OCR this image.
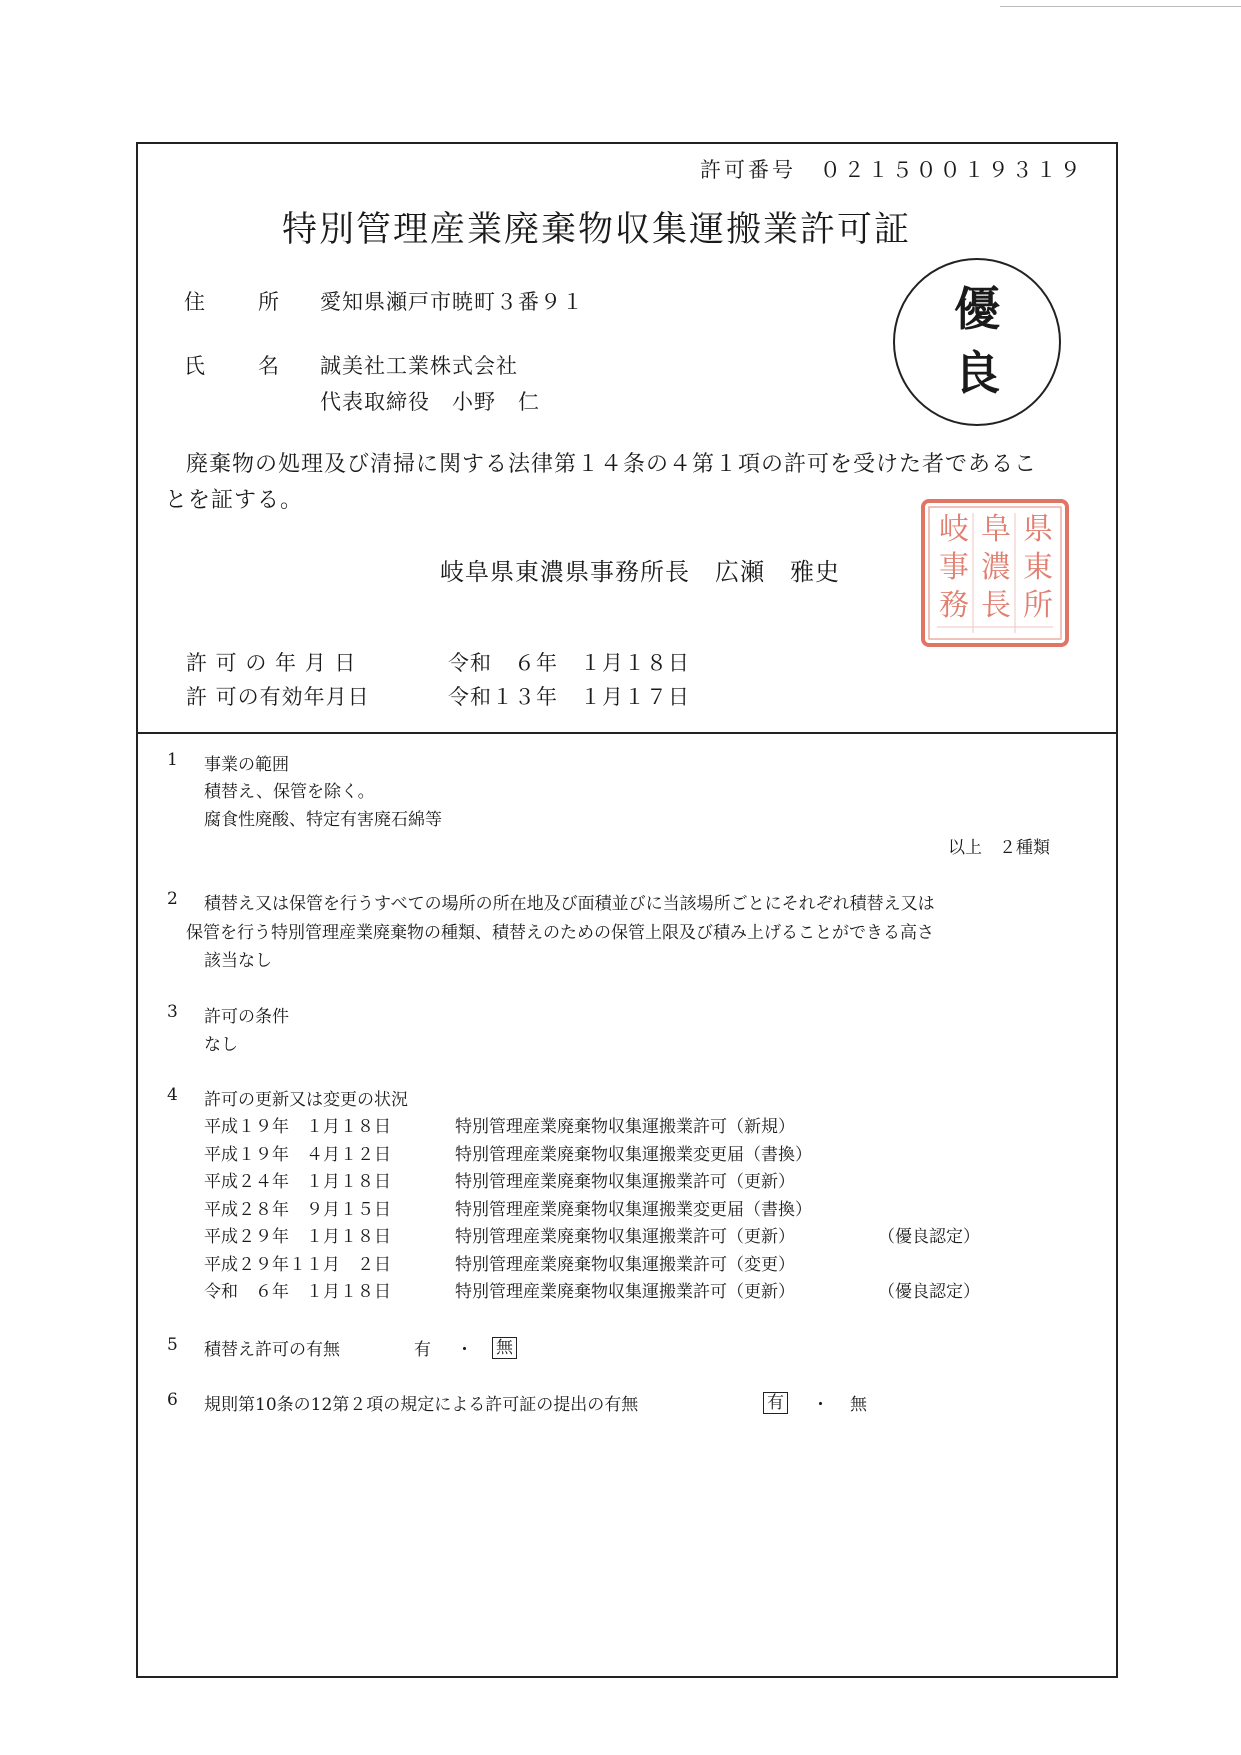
許可番号 ０２１５００１９３１９
特別管理産業廃棄物収集運搬業許可証
住	所 愛知県瀬戸市暁町３番９１
氏	名 誠美社工業株式会社
代表取締役　小野　仁
優
良
廃棄物の処理及び清掃に関する法律第１４条の４第１項の許可を受けた者であるこ
とを証する。
岐阜県東濃県事務所長　広瀬　雅史
県
東
所
阜
濃
長
岐
事
務
許 可 の 年 月 日	令和　６年　１月１８日
許 可の有効年月日	令和１３年　１月１７日
1 事業の範囲
積替え、保管を除く。
腐食性廃酸、特定有害廃石綿等
以上　２種類
2 積替え又は保管を行うすべての場所の所在地及び面積並びに当該場所ごとにそれぞれ積替え又は
保管を行う特別管理産業廃棄物の種類、積替えのための保管上限及び積み上げることができる高さ
該当なし
3 許可の条件
なし
4 許可の更新又は変更の状況
平成１９年　１月１８日	特別管理産業廃棄物収集運搬業許可（新規）
平成１９年　４月１２日	特別管理産業廃棄物収集運搬業変更届（書換）
平成２４年　１月１８日	特別管理産業廃棄物収集運搬業許可（更新）
平成２８年　９月１５日	特別管理産業廃棄物収集運搬業変更届（書換）
平成２９年　１月１８日	特別管理産業廃棄物収集運搬業許可（更新）	（優良認定）
平成２９年１１月　２日	特別管理産業廃棄物収集運搬業許可（変更）
令和　６年　１月１８日	特別管理産業廃棄物収集運搬業許可（更新）	（優良認定）
5 積替え許可の有無	有 ・ 無
6 規則第10条の12第２項の規定による許可証の提出の有無	有 ・ 無
